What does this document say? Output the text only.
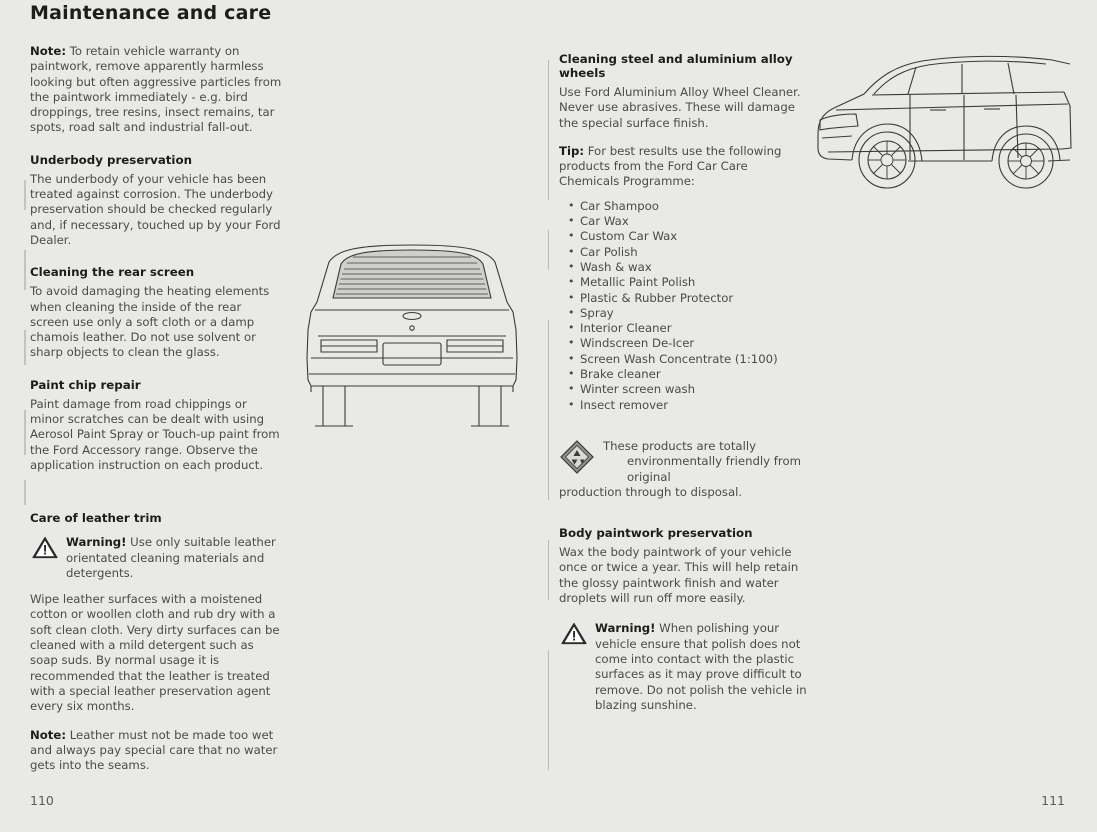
Maintenance and care

Note: To retain vehicle warranty on paintwork, remove apparently harmless looking but often aggressive particles from the paintwork immediately - e.g. bird droppings, tree resins, insect remains, tar spots, road salt and industrial fall-out.

Underbody preservation

The underbody of your vehicle has been treated against corrosion. The underbody preservation should be checked regularly and, if necessary, touched up by your Ford Dealer.

Cleaning the rear screen

To avoid damaging the heating elements when cleaning the inside of the rear screen use only a soft cloth or a damp chamois leather. Do not use solvent or sharp objects to clean the glass.

Paint chip repair

Paint damage from road chippings or minor scratches can be dealt with using Aerosol Paint Spray or Touch-up paint from the Ford Accessory range. Observe the application instruction on each product.

Care of leather trim

Warning! Use only suitable leather orientated cleaning materials and detergents.

Wipe leather surfaces with a moistened cotton or woollen cloth and rub dry with a soft clean cloth. Very dirty surfaces can be cleaned with a mild detergent such as soap suds. By normal usage it is recommended that the leather is treated with a special leather preservation agent every six months.

Note: Leather must not be made too wet and always pay special care that no water gets into the seams.

Cleaning steel and aluminium alloy wheels

Use Ford Aluminium Alloy Wheel Cleaner. Never use abrasives. These will damage the special surface finish.

Tip: For best results use the following products from the Ford Car Care Chemicals Programme:

• Car Shampoo
• Car Wax
• Custom Car Wax
• Car Polish
• Wash & wax
• Metallic Paint Polish
• Plastic & Rubber Protector
• Spray
• Interior Cleaner
• Windscreen De-Icer
• Screen Wash Concentrate (1:100)
• Brake cleaner
• Winter screen wash
• Insect remover

These products are totally
environmentally friendly from original
production through to disposal.

Body paintwork preservation

Wax the body paintwork of your vehicle once or twice a year. This will help retain the glossy paintwork finish and water droplets will run off more easily.

Warning! When polishing your vehicle ensure that polish does not come into contact with the plastic surfaces as it may prove difficult to remove. Do not polish the vehicle in blazing sunshine.

110	111
